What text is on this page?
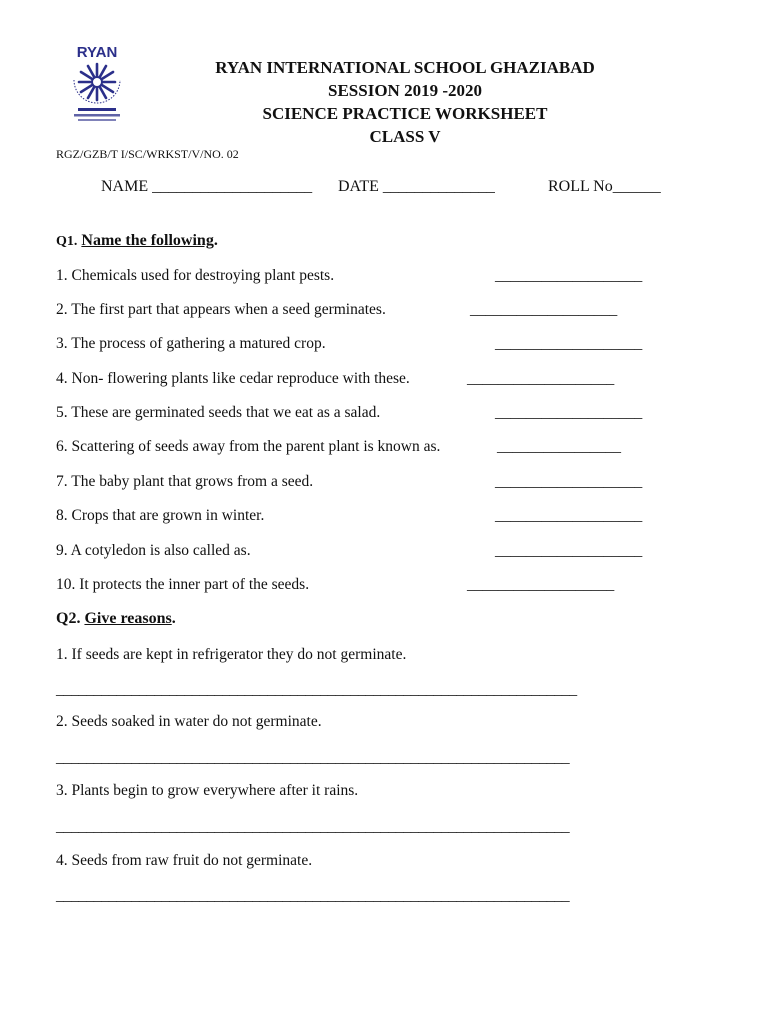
RYAN
RYAN INTERNATIONAL SCHOOL GHAZIABAD
SESSION 2019 -2020
SCIENCE PRACTICE WORKSHEET
CLASS V
RGZ/GZB/T I/SC/WRKST/V/NO. 02
NAME ____________________ DATE ______________	ROLL No______
Q1. Name the following.
1. Chemicals used for destroying plant pests.	___________________
2. The first part that appears when a seed germinates.	___________________
3. The process of gathering a matured crop.	___________________
4. Non- flowering plants like cedar reproduce with these.	___________________
5. These are germinated seeds that we eat as a salad.	___________________
6. Scattering of seeds away from the parent plant is known as.	________________
7. The baby plant that grows from a seed.	___________________
8. Crops that are grown in winter.	___________________
9. A cotyledon is also called as.	___________________
10. It protects the inner part of the seeds.	___________________
Q2. Give reasons.
1. If seeds are kept in refrigerator they do not germinate.
_____________________________________________________________________
2. Seeds soaked in water do not germinate.
____________________________________________________________________
3. Plants begin to grow everywhere after it rains.
____________________________________________________________________
4. Seeds from raw fruit do not germinate.
____________________________________________________________________
